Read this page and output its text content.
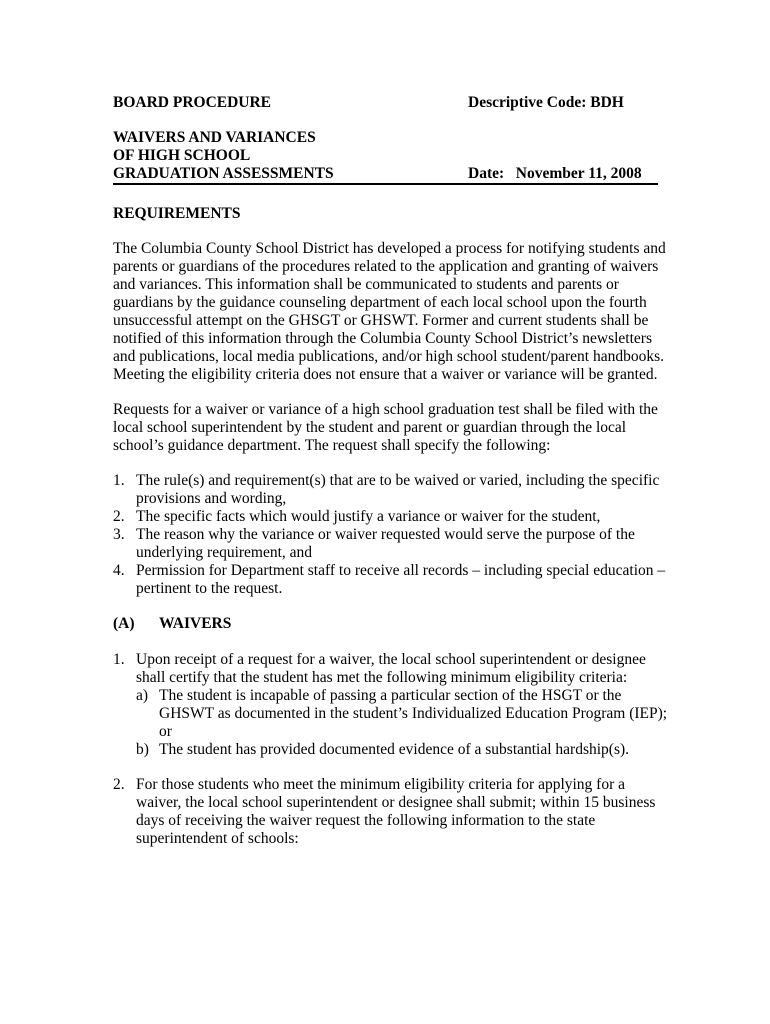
BOARD PROCEDURE	Descriptive Code: BDH
WAIVERS AND VARIANCES
OF HIGH SCHOOL
GRADUATION ASSESSMENTS	Date: November 11, 2008
REQUIREMENTS
The Columbia County School District has developed a process for notifying students and
parents or guardians of the procedures related to the application and granting of waivers
and variances. This information shall be communicated to students and parents or
guardians by the guidance counseling department of each local school upon the fourth
unsuccessful attempt on the GHSGT or GHSWT. Former and current students shall be
notified of this information through the Columbia County School District’s newsletters
and publications, local media publications, and/or high school student/parent handbooks.
Meeting the eligibility criteria does not ensure that a waiver or variance will be granted.
Requests for a waiver or variance of a high school graduation test shall be filed with the
local school superintendent by the student and parent or guardian through the local
school’s guidance department. The request shall specify the following:
1. The rule(s) and requirement(s) that are to be waived or varied, including the specific
provisions and wording,
2. The specific facts which would justify a variance or waiver for the student,
3. The reason why the variance or waiver requested would serve the purpose of the
underlying requirement, and
4. Permission for Department staff to receive all records – including special education –
pertinent to the request.
(A) WAIVERS
1. Upon receipt of a request for a waiver, the local school superintendent or designee
shall certify that the student has met the following minimum eligibility criteria:
a) The student is incapable of passing a particular section of the HSGT or the
GHSWT as documented in the student’s Individualized Education Program (IEP);
or
b) The student has provided documented evidence of a substantial hardship(s).
2. For those students who meet the minimum eligibility criteria for applying for a
waiver, the local school superintendent or designee shall submit; within 15 business
days of receiving the waiver request the following information to the state
superintendent of schools:
